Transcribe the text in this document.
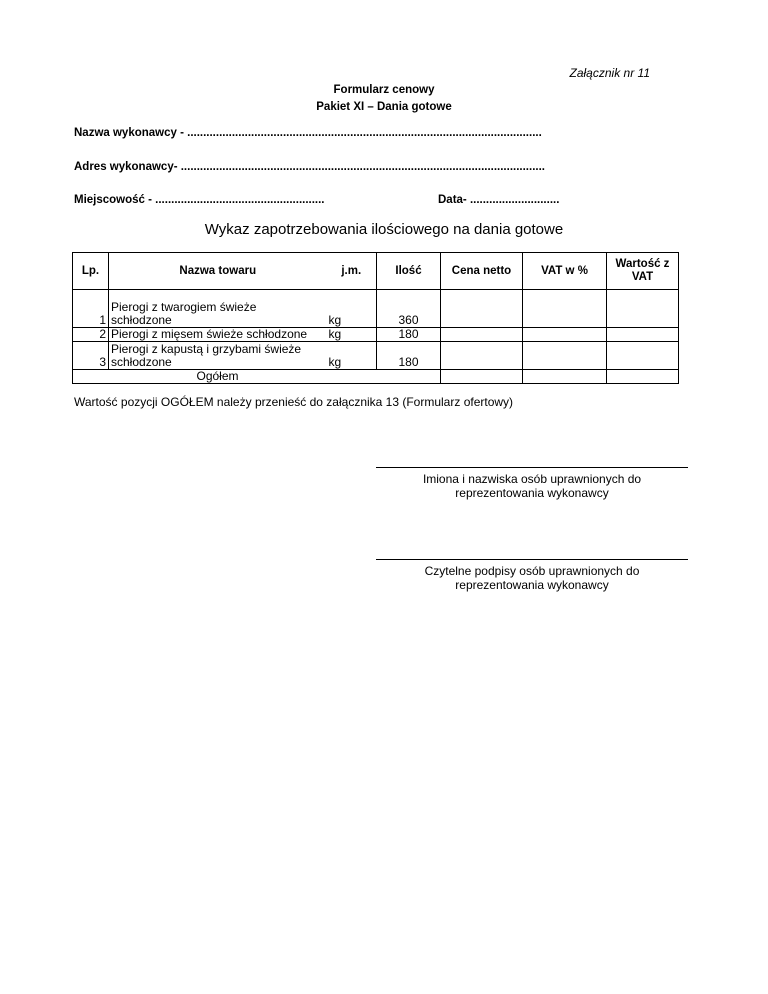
Załącznik nr 11
Formularz cenowy
Pakiet XI – Dania gotowe
Nazwa wykonawcy - ...............................................................................................................
Adres wykonawcy- ..................................................................................................................
Miejscowość - .....................................................	Data- ............................
Wykaz zapotrzebowania ilościowego na dania gotowe
Lp.	Nazwa towaru	j.m.	Ilość	Cena netto	VAT w %	Wartość z VAT
1	Pierogi z twarogiem świeże
schłodzone	kg	360			
2	Pierogi z mięsem świeże schłodzone	kg	180			
3	Pierogi z kapustą i grzybami świeże
schłodzone	kg	180			
	Ogółem					
Wartość pozycji OGÓŁEM należy przenieść do załącznika 13 (Formularz ofertowy)
Imiona i nazwiska osób uprawnionych do
reprezentowania wykonawcy
Czytelne podpisy osób uprawnionych do
reprezentowania wykonawcy
